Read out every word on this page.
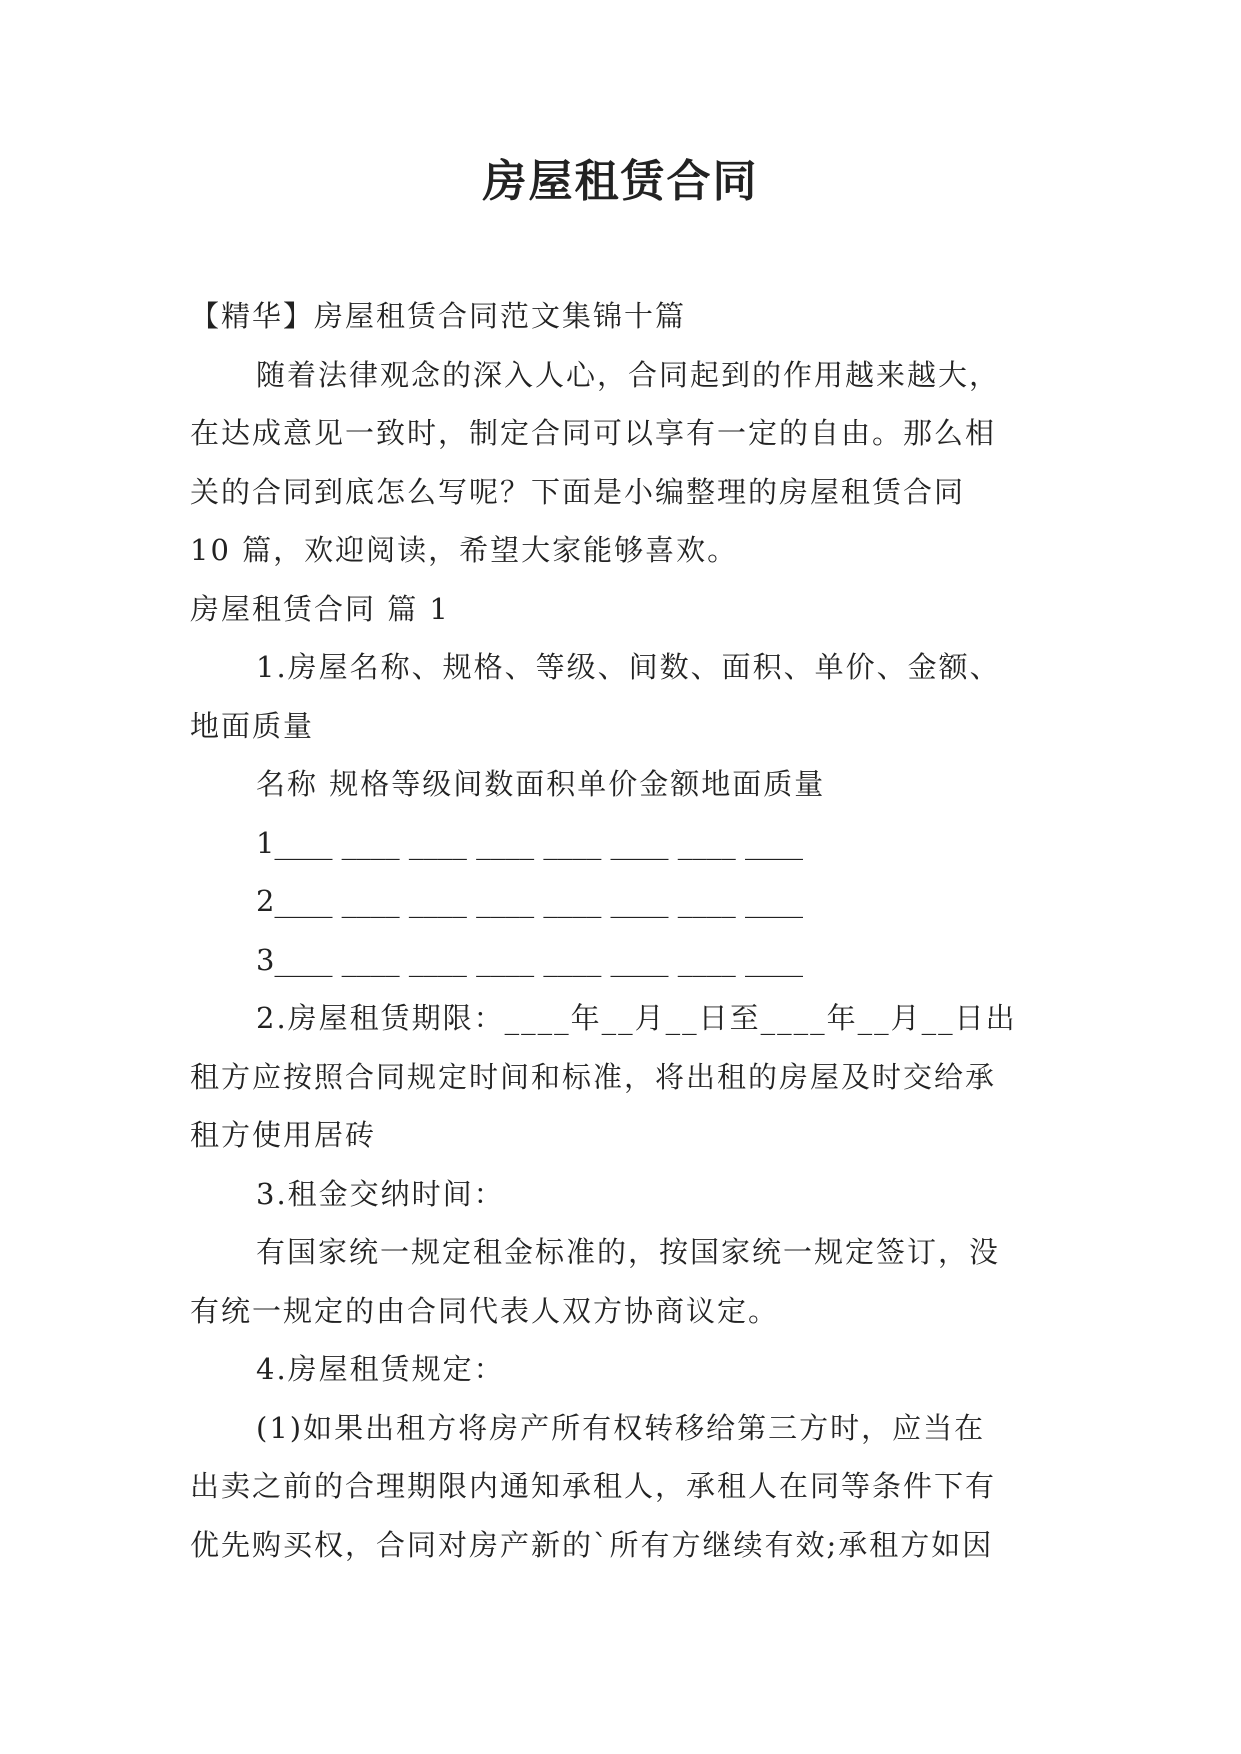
房屋租赁合同
【精华】房屋租赁合同范文集锦十篇
随着法律观念的深入人心，合同起到的作用越来越大，
在达成意见一致时，制定合同可以享有一定的自由。那么相
关的合同到底怎么写呢？下面是小编整理的房屋租赁合同
10 篇，欢迎阅读，希望大家能够喜欢。
房屋租赁合同 篇 1
1.房屋名称、规格、等级、间数、面积、单价、金额、
地面质量
名称 规格等级间数面积单价金额地面质量
1____ ____ ____ ____ ____ ____ ____ ____
2____ ____ ____ ____ ____ ____ ____ ____
3____ ____ ____ ____ ____ ____ ____ ____
2.房屋租赁期限：____年__月__日至____年__月__日出
租方应按照合同规定时间和标准，将出租的房屋及时交给承
租方使用居砖
3.租金交纳时间：
有国家统一规定租金标准的，按国家统一规定签订，没
有统一规定的由合同代表人双方协商议定。
4.房屋租赁规定：
(1)如果出租方将房产所有权转移给第三方时，应当在
出卖之前的合理期限内通知承租人，承租人在同等条件下有
优先购买权，合同对房产新的`所有方继续有效;承租方如因
